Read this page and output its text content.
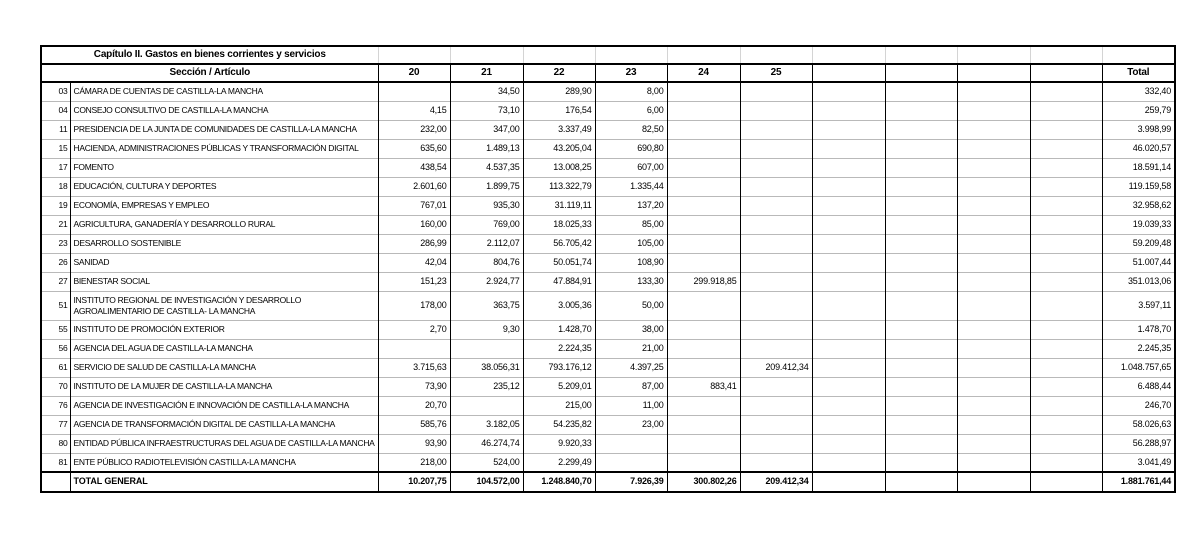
Capítulo II. Gastos en bienes corrientes y servicios												
Sección / Artículo		20	21	22	23	24	25					Total
03	CÁMARA DE CUENTAS DE CASTILLA-LA MANCHA		34,50	289,90	8,00							332,40
04	CONSEJO CONSULTIVO DE CASTILLA-LA MANCHA	4,15	73,10	176,54	6,00							259,79
11	PRESIDENCIA DE LA JUNTA DE COMUNIDADES DE CASTILLA-LA MANCHA	232,00	347,00	3.337,49	82,50							3.998,99
15	HACIENDA, ADMINISTRACIONES PÚBLICAS Y TRANSFORMACIÓN DIGITAL	635,60	1.489,13	43.205,04	690,80							46.020,57
17	FOMENTO	438,54	4.537,35	13.008,25	607,00							18.591,14
18	EDUCACIÓN, CULTURA Y DEPORTES	2.601,60	1.899,75	113.322,79	1.335,44							119.159,58
19	ECONOMÍA, EMPRESAS Y EMPLEO	767,01	935,30	31.119,11	137,20							32.958,62
21	AGRICULTURA, GANADERÍA Y DESARROLLO RURAL	160,00	769,00	18.025,33	85,00							19.039,33
23	DESARROLLO SOSTENIBLE	286,99	2.112,07	56.705,42	105,00							59.209,48
26	SANIDAD	42,04	804,76	50.051,74	108,90							51.007,44
27	BIENESTAR SOCIAL	151,23	2.924,77	47.884,91	133,30	299.918,85						351.013,06
51	INSTITUTO REGIONAL DE INVESTIGACIÓN Y DESARROLLO AGROALIMENTARIO DE CASTILLA- LA MANCHA	178,00	363,75	3.005,36	50,00							3.597,11
55	INSTITUTO DE PROMOCIÓN EXTERIOR	2,70	9,30	1.428,70	38,00							1.478,70
56	AGENCIA DEL AGUA DE CASTILLA-LA MANCHA			2.224,35	21,00							2.245,35
61	SERVICIO DE SALUD DE CASTILLA-LA MANCHA	3.715,63	38.056,31	793.176,12	4.397,25		209.412,34					1.048.757,65
70	INSTITUTO DE LA MUJER DE CASTILLA-LA MANCHA	73,90	235,12	5.209,01	87,00	883,41						6.488,44
76	AGENCIA DE INVESTIGACIÓN E INNOVACIÓN DE CASTILLA-LA MANCHA	20,70		215,00	11,00							246,70
77	AGENCIA DE TRANSFORMACIÓN DIGITAL DE CASTILLA-LA MANCHA	585,76	3.182,05	54.235,82	23,00							58.026,63
80	ENTIDAD PÚBLICA INFRAESTRUCTURAS DEL AGUA DE CASTILLA-LA MANCHA	93,90	46.274,74	9.920,33								56.288,97
81	ENTE PÚBLICO RADIOTELEVISIÓN CASTILLA-LA MANCHA	218,00	524,00	2.299,49								3.041,49
	TOTAL GENERAL	10.207,75	104.572,00	1.248.840,70	7.926,39	300.802,26	209.412,34					1.881.761,44
